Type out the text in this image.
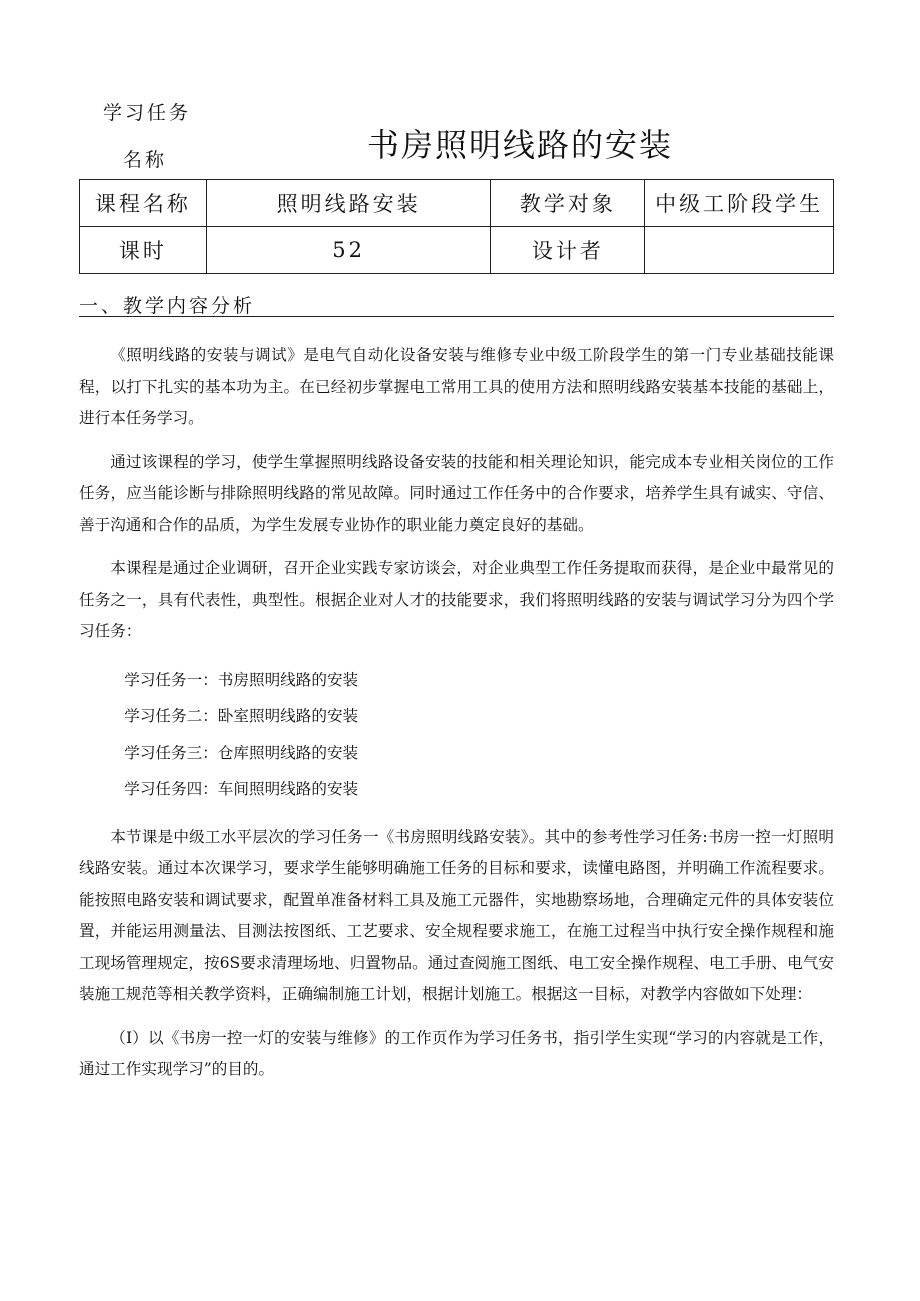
学习任务
名称	书房照明线路的安装
课程名称	照明线路安装	教学对象	中级工阶段学生
课时	52	设计者	
一、教学内容分析

《照明线路的安装与调试》是电气自动化设备安装与维修专业中级工阶段学生的第一门专业基础技能课程，以打下扎实的基本功为主。在已经初步掌握电工常用工具的使用方法和照明线路安装基本技能的基础上，进行本任务学习。

通过该课程的学习，使学生掌握照明线路设备安装的技能和相关理论知识，能完成本专业相关岗位的工作任务，应当能诊断与排除照明线路的常见故障。同时通过工作任务中的合作要求，培养学生具有诚实、守信、善于沟通和合作的品质，为学生发展专业协作的职业能力奠定良好的基础。

本课程是通过企业调研，召开企业实践专家访谈会，对企业典型工作任务提取而获得，是企业中最常见的任务之一，具有代表性，典型性。根据企业对人才的技能要求，我们将照明线路的安装与调试学习分为四个学习任务：

学习任务一：书房照明线路的安装
学习任务二：卧室照明线路的安装
学习任务三：仓库照明线路的安装
学习任务四：车间照明线路的安装

本节课是中级工水平层次的学习任务一《书房照明线路安装》。其中的参考性学习任务:书房一控一灯照明线路安装。通过本次课学习，要求学生能够明确施工任务的目标和要求，读懂电路图，并明确工作流程要求。能按照电路安装和调试要求，配置单准备材料工具及施工元器件，实地勘察场地，合理确定元件的具体安装位置，并能运用测量法、目测法按图纸、工艺要求、安全规程要求施工，在施工过程当中执行安全操作规程和施工现场管理规定，按6S要求清理场地、归置物品。通过查阅施工图纸、电工安全操作规程、电工手册、电气安装施工规范等相关教学资料，正确编制施工计划，根据计划施工。根据这一目标，对教学内容做如下处理：

（I）以《书房一控一灯的安装与维修》的工作页作为学习任务书，指引学生实现“学习的内容就是工作，通过工作实现学习”的目的。
